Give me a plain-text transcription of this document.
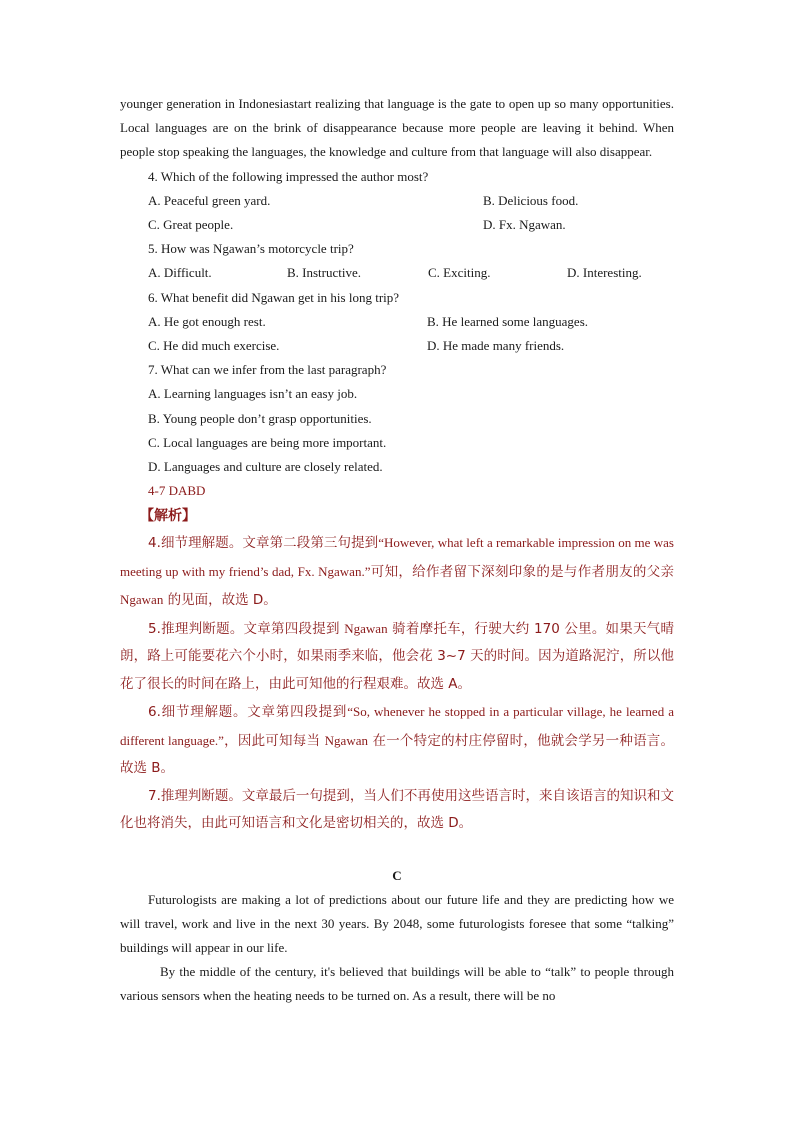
younger generation in Indonesiastart realizing that language is the gate to open up so many opportunities. Local languages are on the brink of disappearance because more people are leaving it behind. When people stop speaking the languages, the knowledge and culture from that language will also disappear.

4. Which of the following impressed the author most?

A. Peaceful green yard.	B. Delicious food.
C. Great people.	D. Fx. Ngawan.

5. How was Ngawan’s motorcycle trip?

A. Difficult.	B. Instructive.	C. Exciting.	D. Interesting.

6. What benefit did Ngawan get in his long trip?

A. He got enough rest.	B. He learned some languages.
C. He did much exercise.	D. He made many friends.

7. What can we infer from the last paragraph?

A. Learning languages isn’t an easy job.

B. Young people don’t grasp opportunities.

C. Local languages are being more important.

D. Languages and culture are closely related.

4-7 DABD

【解析】

4.细节理解题。文章第二段第三句提到“However, what left a remarkable impression on me was meeting up with my friend’s dad, Fx. Ngawan.”可知，给作者留下深刻印象的是与作者朋友的父亲 Ngawan 的见面，故选 D。

5.推理判断题。文章第四段提到 Ngawan 骑着摩托车，行驶大约 170 公里。如果天气晴朗，路上可能要花六个小时，如果雨季来临，他会花 3~7 天的时间。因为道路泥泞，所以他花了很长的时间在路上，由此可知他的行程艰难。故选 A。

6.细节理解题。文章第四段提到“So, whenever he stopped in a particular village, he learned a different language.”，因此可知每当 Ngawan 在一个特定的村庄停留时，他就会学另一种语言。故选 B。

7.推理判断题。文章最后一句提到，当人们不再使用这些语言时，来自该语言的知识和文化也将消失，由此可知语言和文化是密切相关的，故选 D。

C

Futurologists are making a lot of predictions about our future life and they are predicting how we will travel, work and live in the next 30 years. By 2048, some futurologists foresee that some “talking” buildings will appear in our life.

By the middle of the century, it's believed that buildings will be able to “talk” to people through various sensors when the heating needs to be turned on. As a result, there will be no
